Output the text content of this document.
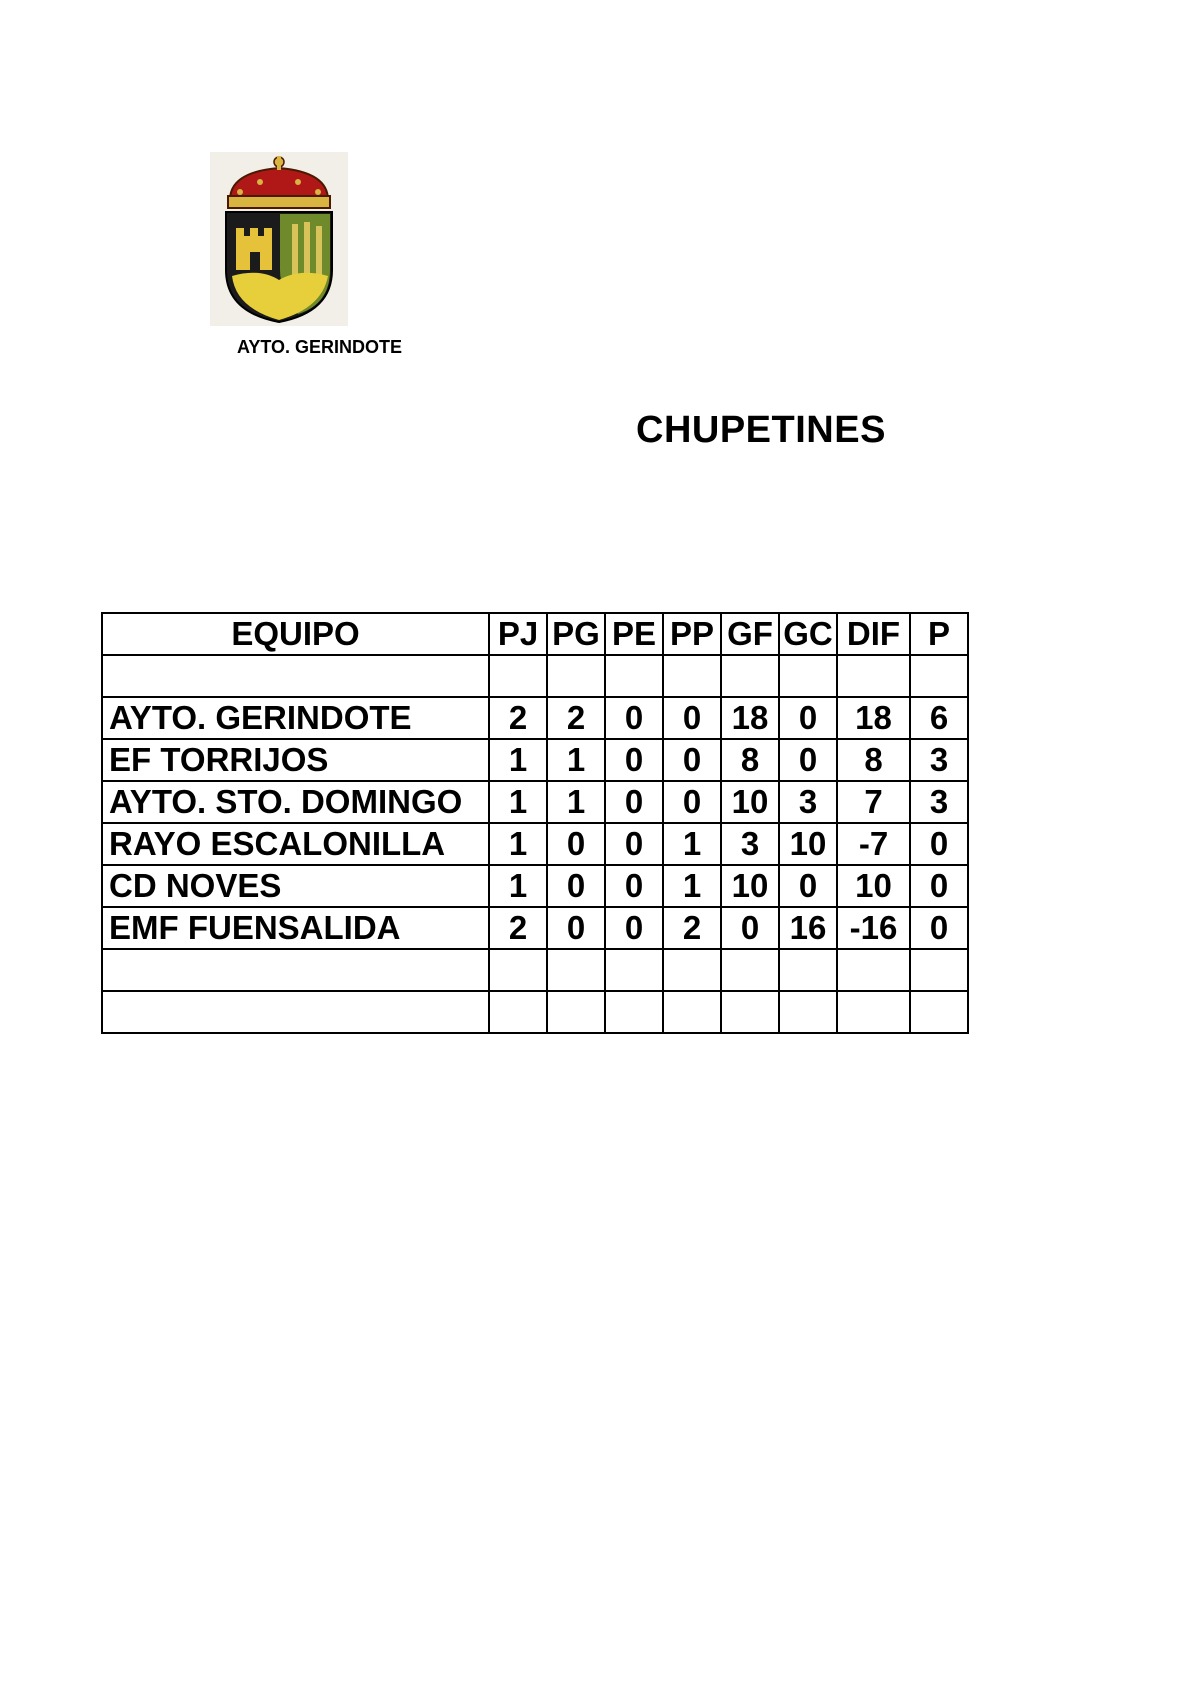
AYTO. GERINDOTE
CHUPETINES
EQUIPO	PJ	PG	PE	PP	GF	GC	DIF	P

AYTO. GERINDOTE	2	2	0	0	18	0	18	6
EF TORRIJOS	1	1	0	0	8	0	8	3
AYTO. STO. DOMINGO	1	1	0	0	10	3	7	3
RAYO ESCALONILLA	1	0	0	1	3	10	-7	0
CD NOVES	1	0	0	1	10	0	10	0
EMF FUENSALIDA	2	0	0	2	0	16	-16	0
